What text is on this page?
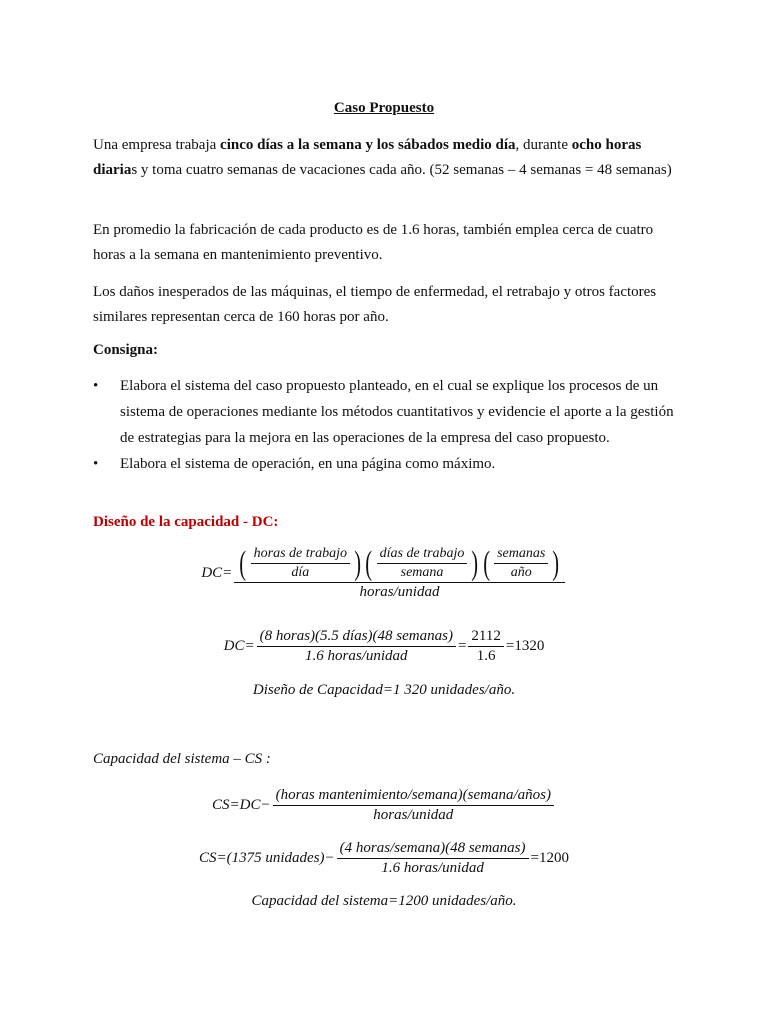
Caso Propuesto
Una empresa trabaja cinco días a la semana y los sábados medio día, durante ocho horas diarias y toma cuatro semanas de vacaciones cada año. (52 semanas – 4 semanas = 48 semanas)
En promedio la fabricación de cada producto es de 1.6 horas, también emplea cerca de cuatro horas a la semana en mantenimiento preventivo.
Los daños inesperados de las máquinas, el tiempo de enfermedad, el retrabajo y otros factores similares representan cerca de 160 horas por año.
Consigna:
•	Elabora el sistema del caso propuesto planteado, en el cual se explique los procesos de un sistema de operaciones mediante los métodos cuantitativos y evidencie el aporte a la gestión de estrategias para la mejora en las operaciones de la empresa del caso propuesto.
•	Elabora el sistema de operación, en una página como máximo.
Diseño de la capacidad - DC:
DC= ( $\frac{\text{horas de trabajo}}{\text{día}}$ ) ( $\frac{\text{días de trabajo}}{\text{semana}}$ ) ( $\frac{\text{semanas}}{\text{año}}$ )
horas/unidad
$DC= \frac{\text{(8 horas)(5.5 días)(48 semanas)}}{\text{1.6 horas/unidad}} = \frac{2112}{1.6} =1320$
Diseño de Capacidad=1 320 unidades/año.
Capacidad del sistema – CS :
$CS=DC- \frac{\text{(horas mantenimiento/semana)(semana/años)}}{\text{horas/unidad}}$
CS=(1375 unidades)− $\frac{\text{(4 horas/semana)(48 semanas)}}{\text{1.6 horas/unidad}} =1200$
Capacidad del sistema=1200 unidades/año.
